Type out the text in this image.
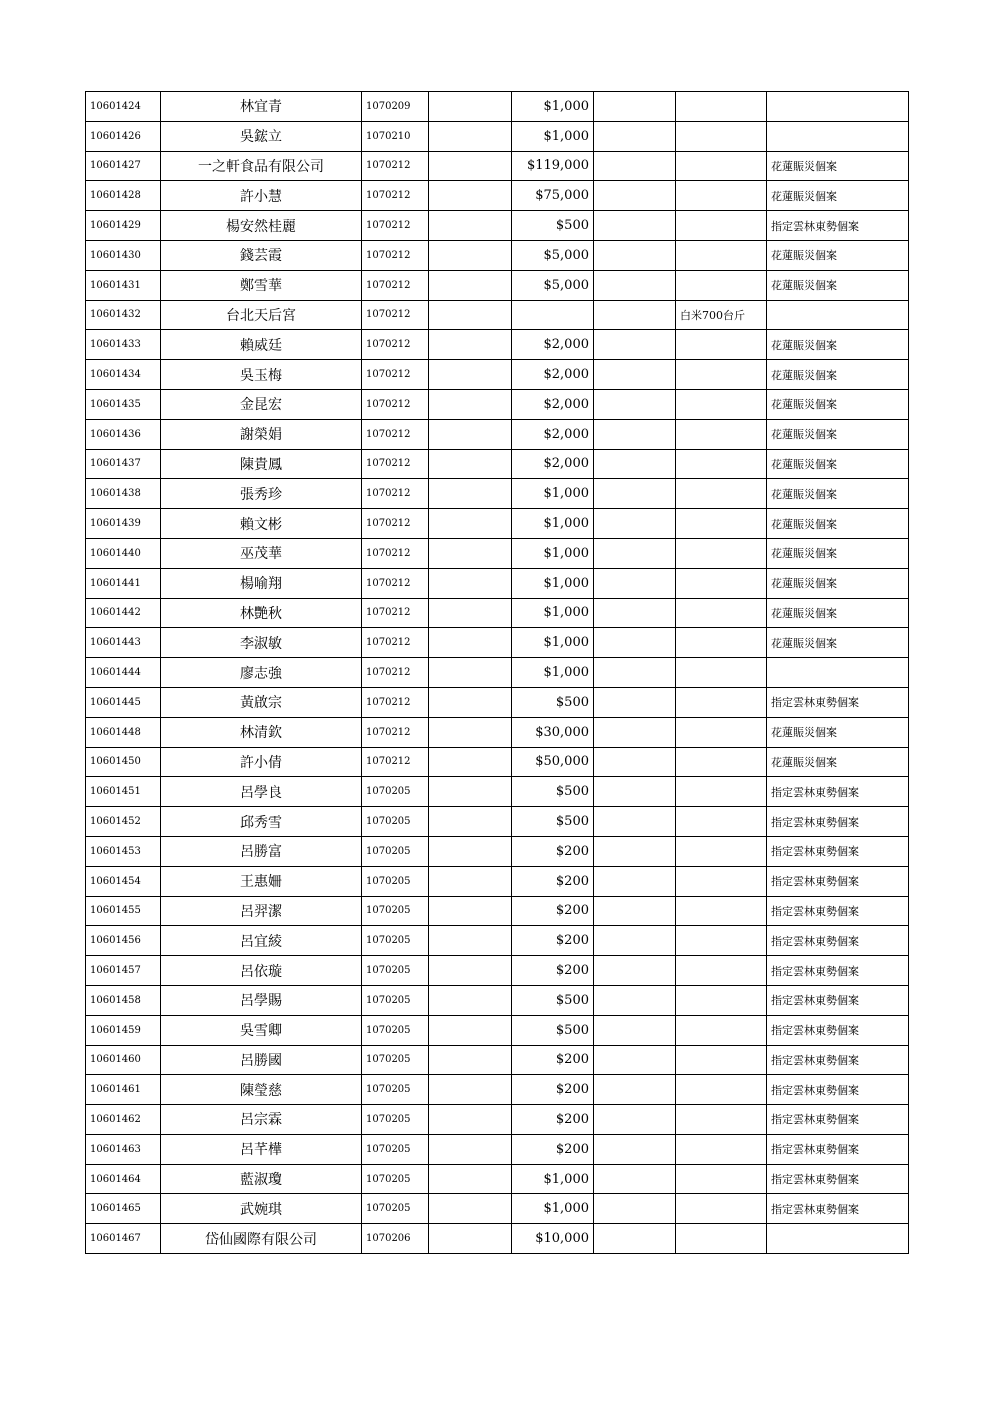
10601424	林宜青	1070209		$1,000			
10601426	吳鋐立	1070210		$1,000			
10601427	一之軒食品有限公司	1070212		$119,000			花蓮賑災個案
10601428	許小慧	1070212		$75,000			花蓮賑災個案
10601429	楊安然桂麗	1070212		$500			指定雲林東勢個案
10601430	錢芸霞	1070212		$5,000			花蓮賑災個案
10601431	鄭雪華	1070212		$5,000			花蓮賑災個案
10601432	台北天后宮	1070212				白米700台斤	
10601433	賴威廷	1070212		$2,000			花蓮賑災個案
10601434	吳玉梅	1070212		$2,000			花蓮賑災個案
10601435	金昆宏	1070212		$2,000			花蓮賑災個案
10601436	謝榮娟	1070212		$2,000			花蓮賑災個案
10601437	陳貴鳳	1070212		$2,000			花蓮賑災個案
10601438	張秀珍	1070212		$1,000			花蓮賑災個案
10601439	賴文彬	1070212		$1,000			花蓮賑災個案
10601440	巫茂華	1070212		$1,000			花蓮賑災個案
10601441	楊喻翔	1070212		$1,000			花蓮賑災個案
10601442	林艷秋	1070212		$1,000			花蓮賑災個案
10601443	李淑敏	1070212		$1,000			花蓮賑災個案
10601444	廖志強	1070212		$1,000			
10601445	黃啟宗	1070212		$500			指定雲林東勢個案
10601448	林清欽	1070212		$30,000			花蓮賑災個案
10601450	許小倩	1070212		$50,000			花蓮賑災個案
10601451	呂學良	1070205		$500			指定雲林東勢個案
10601452	邱秀雪	1070205		$500			指定雲林東勢個案
10601453	呂勝富	1070205		$200			指定雲林東勢個案
10601454	王惠姍	1070205		$200			指定雲林東勢個案
10601455	呂羿潔	1070205		$200			指定雲林東勢個案
10601456	呂宜綾	1070205		$200			指定雲林東勢個案
10601457	呂依璇	1070205		$200			指定雲林東勢個案
10601458	呂學賜	1070205		$500			指定雲林東勢個案
10601459	吳雪卿	1070205		$500			指定雲林東勢個案
10601460	呂勝國	1070205		$200			指定雲林東勢個案
10601461	陳瑩慈	1070205		$200			指定雲林東勢個案
10601462	呂宗霖	1070205		$200			指定雲林東勢個案
10601463	呂芊樺	1070205		$200			指定雲林東勢個案
10601464	藍淑瓊	1070205		$1,000			指定雲林東勢個案
10601465	武婉琪	1070205		$1,000			指定雲林東勢個案
10601467	岱仙國際有限公司	1070206		$10,000			
